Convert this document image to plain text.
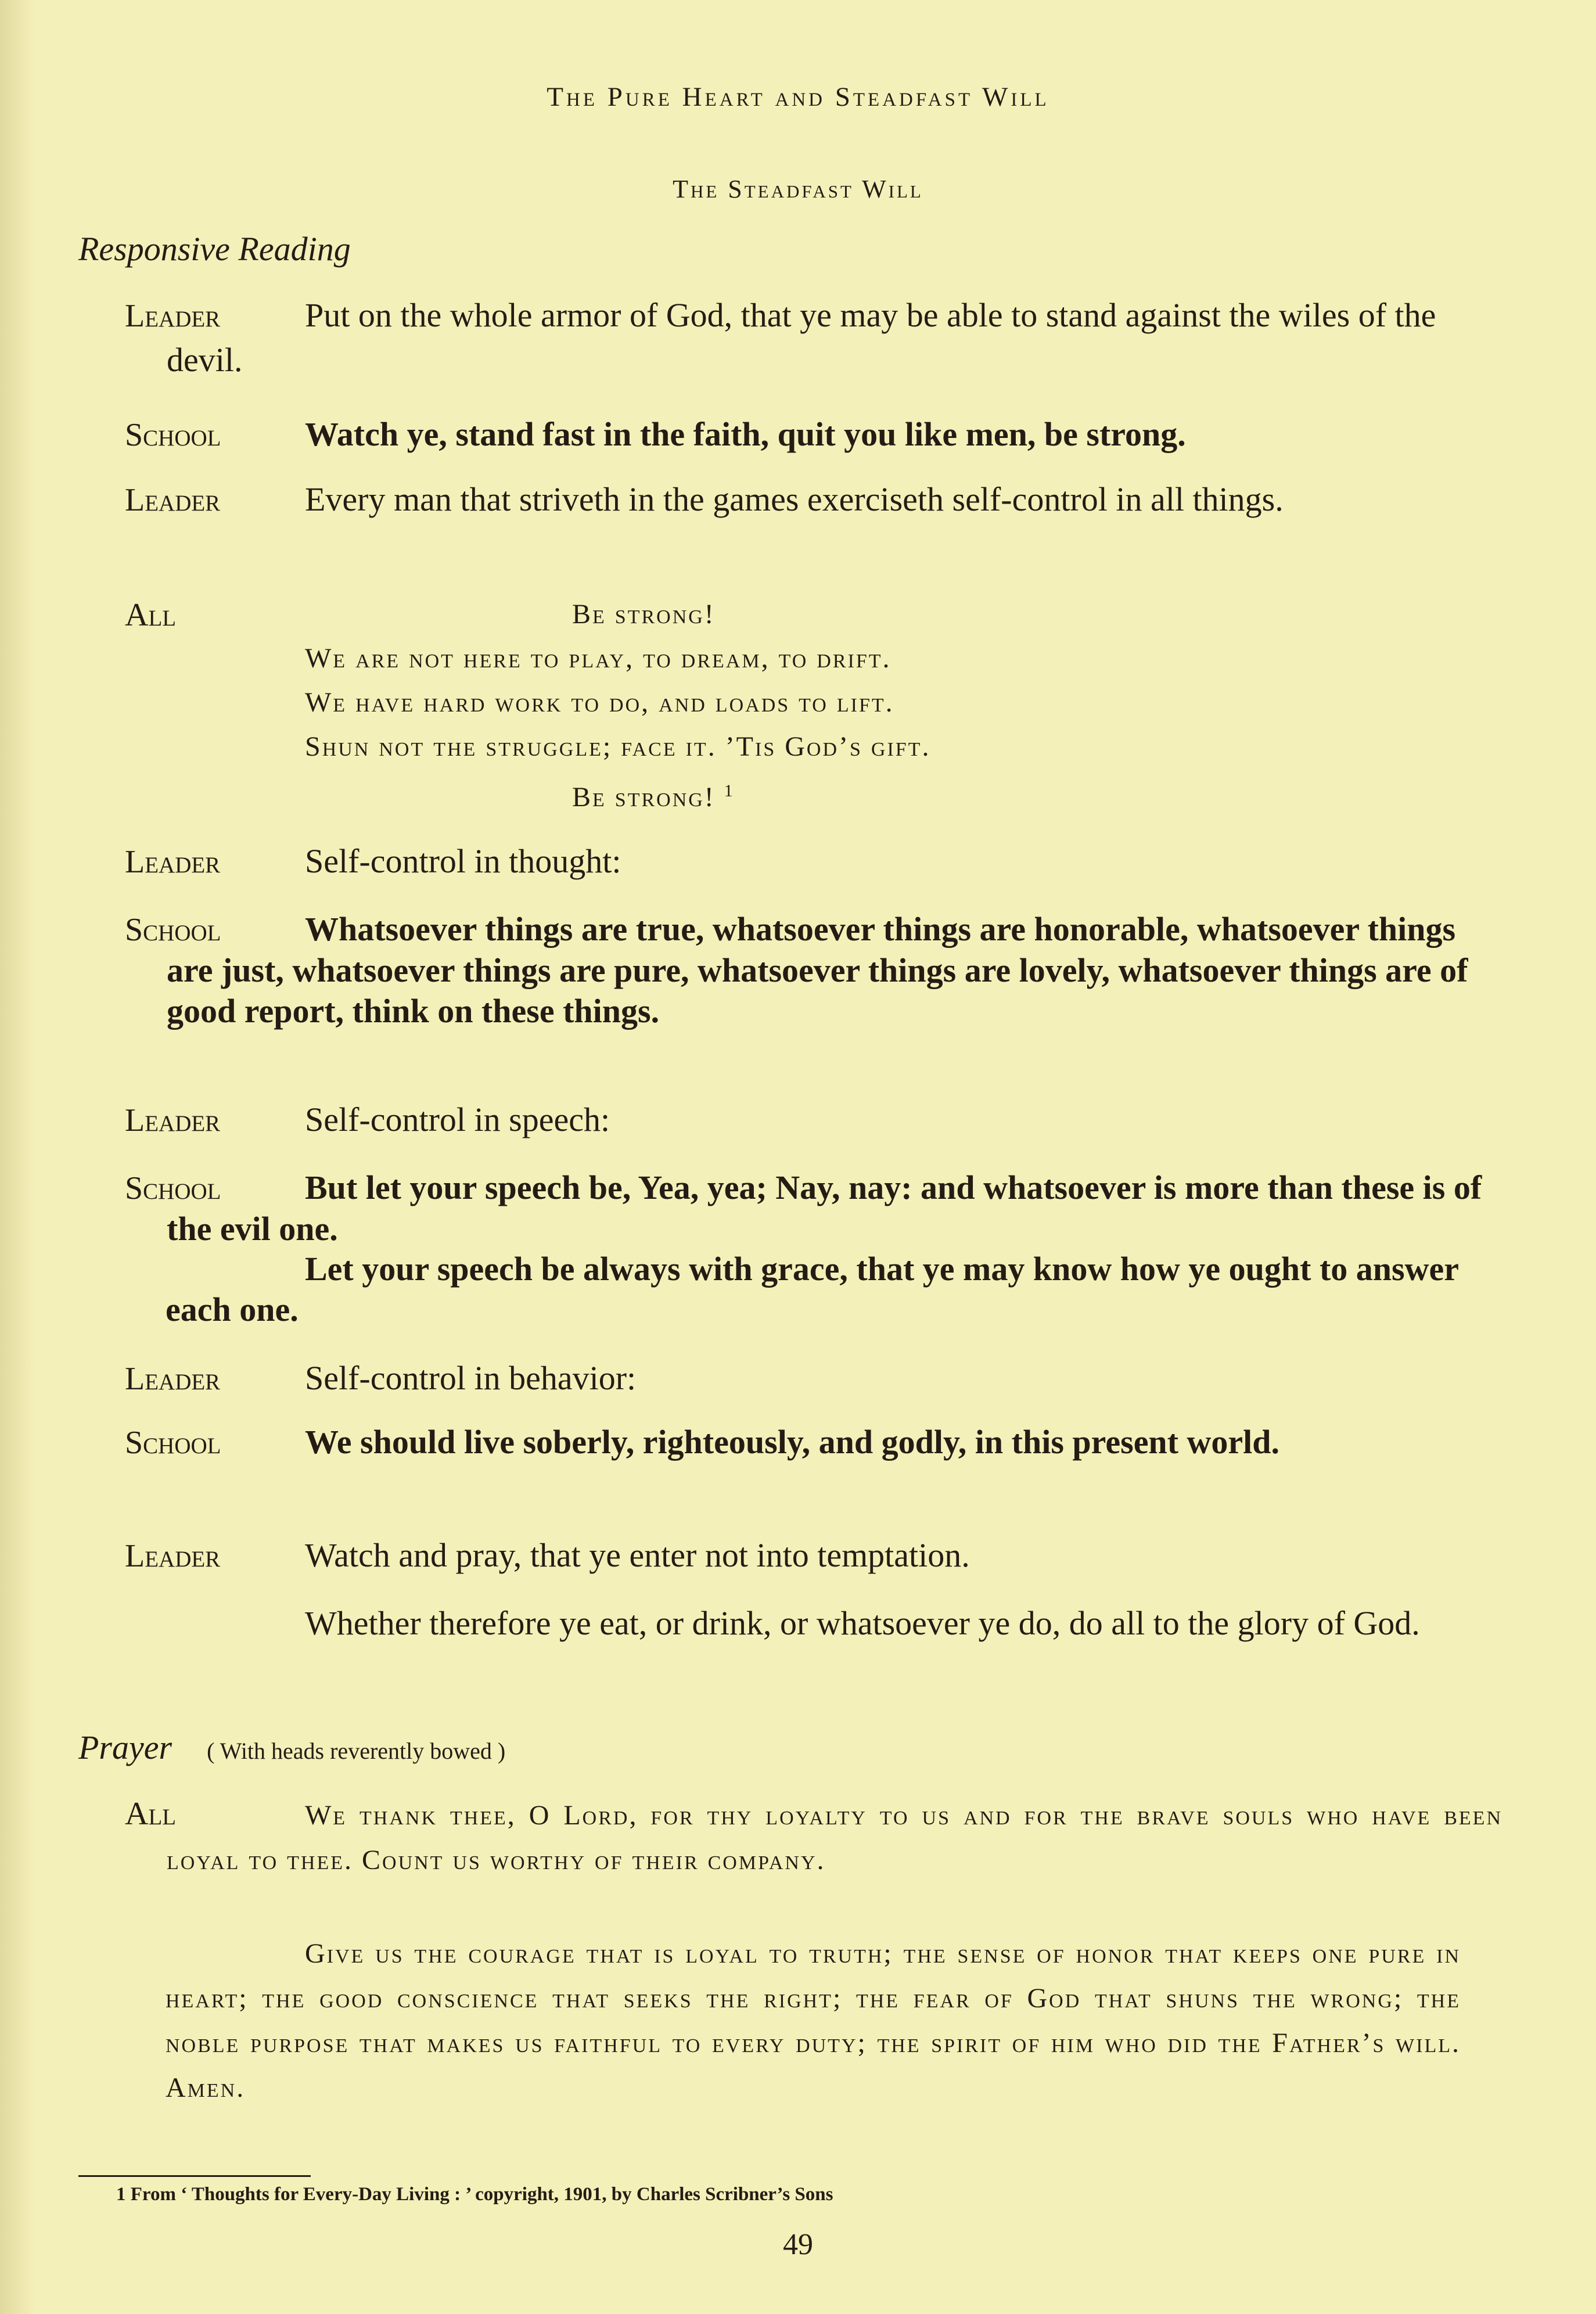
The Pure Heart and Steadfast Will
The Steadfast Will
Responsive Reading
Leader	Put on the whole armor of God, that ye may be able to stand against the wiles of the devil.
School Watch ye, stand fast in the faith, quit you like men, be strong.
Leader	Every man that striveth in the games exerciseth self-control in all things.
All	Be strong!
We are not here to play, to dream, to drift.
We have hard work to do, and loads to lift.
Shun not the struggle; face it. ’Tis God’s gift.
Be strong! $^1$
Leader	Self-control in thought:
School Whatsoever things are true, whatsoever things are honorable, whatsoever things are just, whatsoever things are pure, whatsoever things are lovely, whatsoever things are of good report, think on these things.
Leader	Self-control in speech:
School But let your speech be, Yea, yea; Nay, nay: and whatsoever is more than these is of the evil one.
Let your speech be always with grace, that ye may know how ye ought to answer each one.
Leader	Self-control in behavior:
School We should live soberly, righteously, and godly, in this present world.
Leader	Watch and pray, that ye enter not into temptation.
Whether therefore ye eat, or drink, or whatsoever ye do, do all to the glory of God.
Prayer ( With heads reverently bowed )
All	We thank thee, O Lord, for thy loyalty to us and for the brave souls who have been loyal to thee. Count us worthy of their company.
Give us the courage that is loyal to truth; the sense of honor that keeps one pure in heart; the good conscience that seeks the right; the fear of God that shuns the wrong; the noble purpose that makes us faithful to every duty; the spirit of him who did the Father’s will. Amen.
1 From ‘ Thoughts for Every-Day Living : ’ copyright, 1901, by Charles Scribner’s Sons
49
